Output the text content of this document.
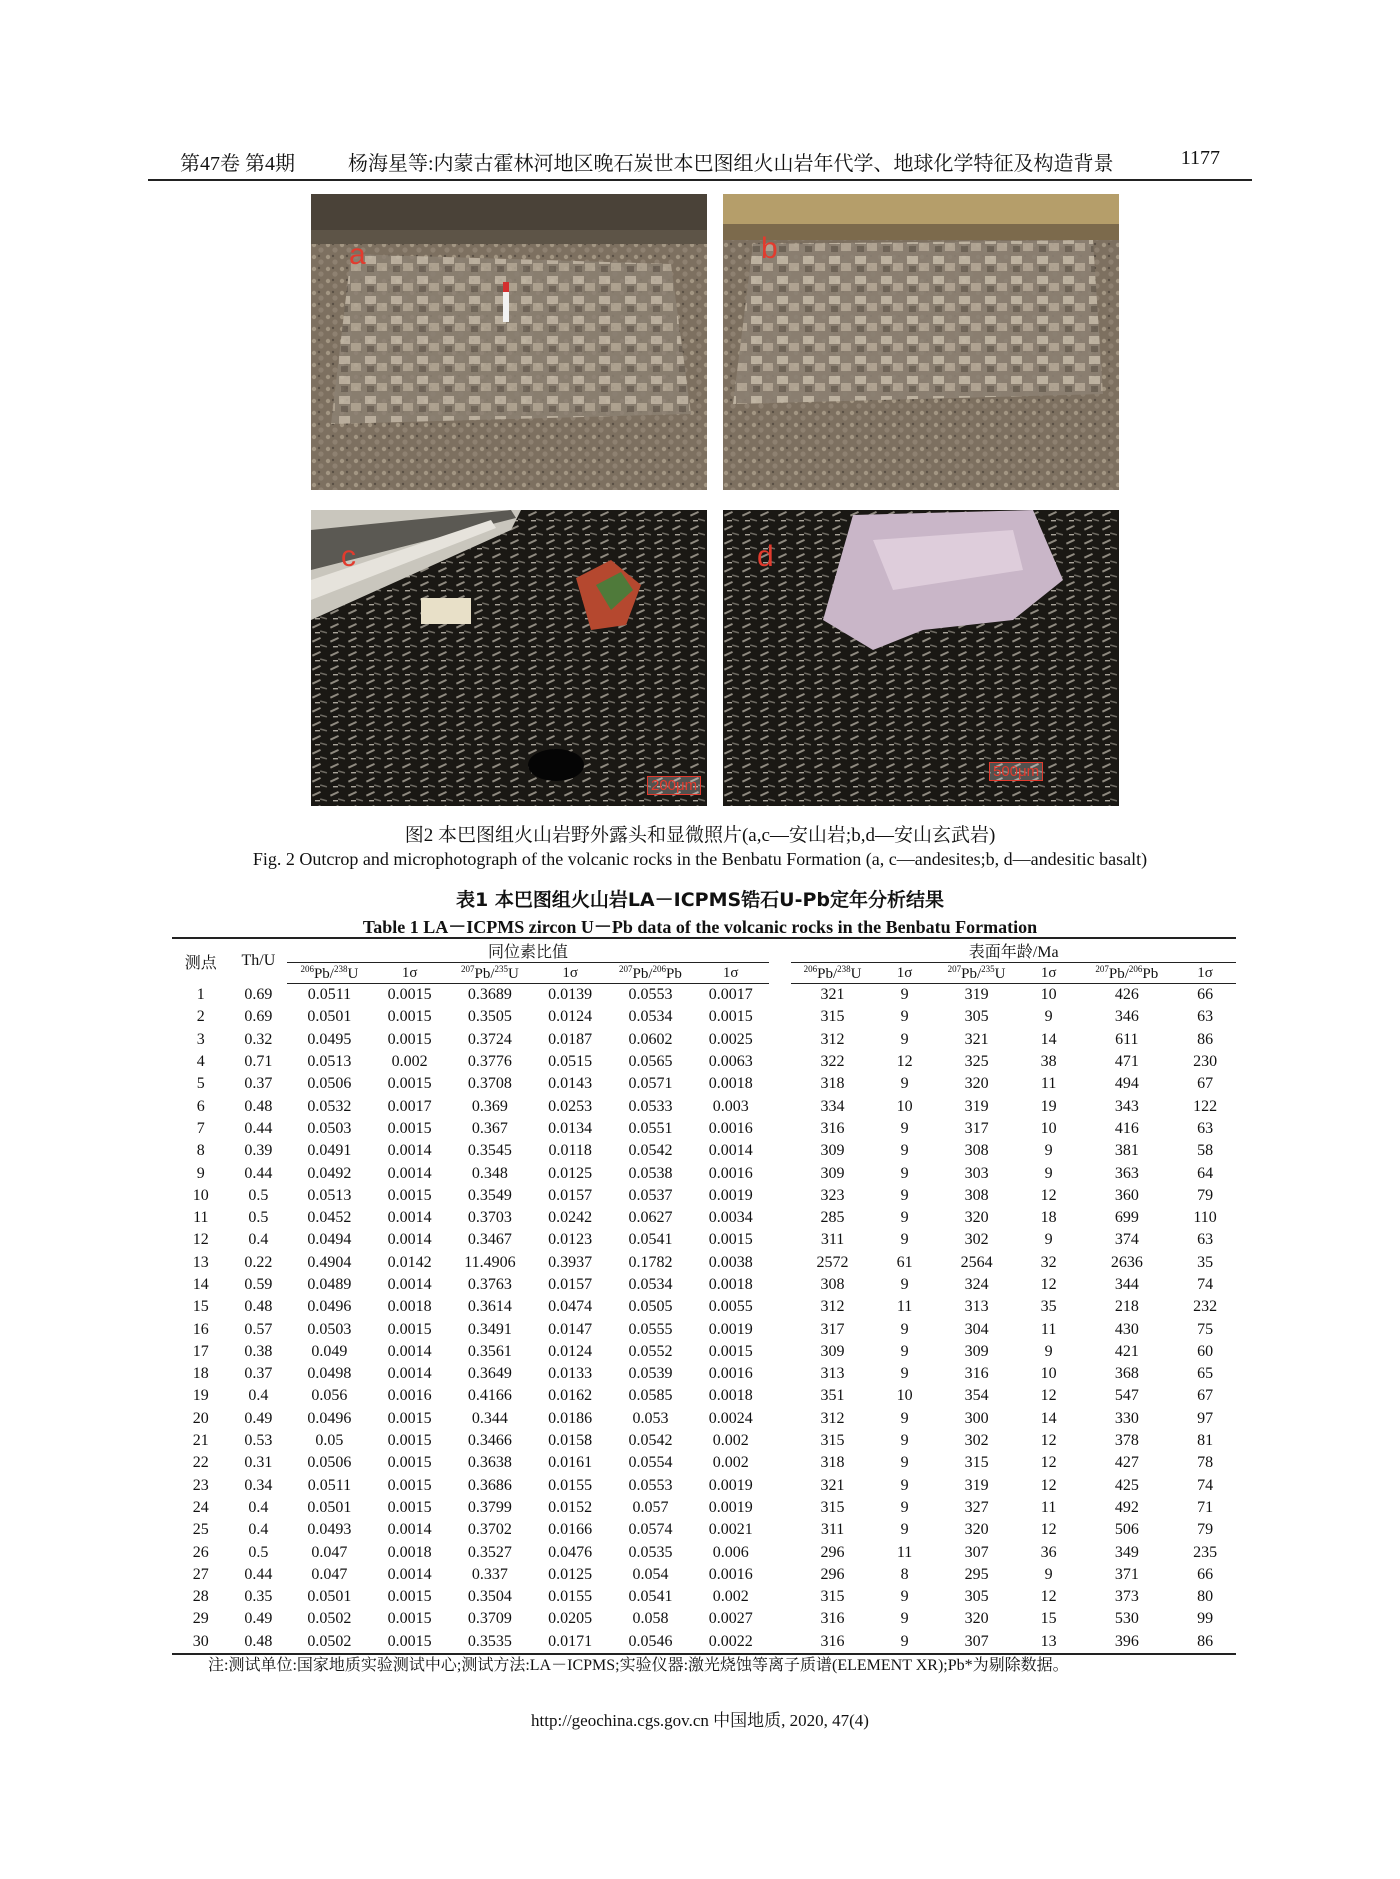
第47卷 第4期	杨海星等:内蒙古霍林河地区晚石炭世本巴图组火山岩年代学、地球化学特征及构造背景	1177
a	b
c
200μm
d
500μm
图2 本巴图组火山岩野外露头和显微照片(a,c—安山岩;b,d—安山玄武岩)
Fig. 2 Outcrop and microphotograph of the volcanic rocks in the Benbatu Formation (a, c—andesites;b, d—andesitic basalt)
表1 本巴图组火山岩LA－ICPMS锆石U-Pb定年分析结果
Table 1 LA－ICPMS zircon U－Pb data of the volcanic rocks in the Benbatu Formation
测点	Th/U	同位素比值							表面年龄/Ma					
		$^{206}$Pb/$^{238}$U	1σ	$^{207}$Pb/$^{235}$U	1σ	$^{207}$Pb/$^{206}$Pb	1σ		$^{206}$Pb/$^{238}$U	1σ	$^{207}$Pb/$^{235}$U	1σ	$^{207}$Pb/$^{206}$Pb	1σ
1	0.69	0.0511	0.0015	0.3689	0.0139	0.0553	0.0017		321	9	319	10	426	66
2	0.69	0.0501	0.0015	0.3505	0.0124	0.0534	0.0015		315	9	305	9	346	63
3	0.32	0.0495	0.0015	0.3724	0.0187	0.0602	0.0025		312	9	321	14	611	86
4	0.71	0.0513	0.002	0.3776	0.0515	0.0565	0.0063		322	12	325	38	471	230
5	0.37	0.0506	0.0015	0.3708	0.0143	0.0571	0.0018		318	9	320	11	494	67
6	0.48	0.0532	0.0017	0.369	0.0253	0.0533	0.003		334	10	319	19	343	122
7	0.44	0.0503	0.0015	0.367	0.0134	0.0551	0.0016		316	9	317	10	416	63
8	0.39	0.0491	0.0014	0.3545	0.0118	0.0542	0.0014		309	9	308	9	381	58
9	0.44	0.0492	0.0014	0.348	0.0125	0.0538	0.0016		309	9	303	9	363	64
10	0.5	0.0513	0.0015	0.3549	0.0157	0.0537	0.0019		323	9	308	12	360	79
11	0.5	0.0452	0.0014	0.3703	0.0242	0.0627	0.0034		285	9	320	18	699	110
12	0.4	0.0494	0.0014	0.3467	0.0123	0.0541	0.0015		311	9	302	9	374	63
13	0.22	0.4904	0.0142	11.4906	0.3937	0.1782	0.0038		2572	61	2564	32	2636	35
14	0.59	0.0489	0.0014	0.3763	0.0157	0.0534	0.0018		308	9	324	12	344	74
15	0.48	0.0496	0.0018	0.3614	0.0474	0.0505	0.0055		312	11	313	35	218	232
16	0.57	0.0503	0.0015	0.3491	0.0147	0.0555	0.0019		317	9	304	11	430	75
17	0.38	0.049	0.0014	0.3561	0.0124	0.0552	0.0015		309	9	309	9	421	60
18	0.37	0.0498	0.0014	0.3649	0.0133	0.0539	0.0016		313	9	316	10	368	65
19	0.4	0.056	0.0016	0.4166	0.0162	0.0585	0.0018		351	10	354	12	547	67
20	0.49	0.0496	0.0015	0.344	0.0186	0.053	0.0024		312	9	300	14	330	97
21	0.53	0.05	0.0015	0.3466	0.0158	0.0542	0.002		315	9	302	12	378	81
22	0.31	0.0506	0.0015	0.3638	0.0161	0.0554	0.002		318	9	315	12	427	78
23	0.34	0.0511	0.0015	0.3686	0.0155	0.0553	0.0019		321	9	319	12	425	74
24	0.4	0.0501	0.0015	0.3799	0.0152	0.057	0.0019		315	9	327	11	492	71
25	0.4	0.0493	0.0014	0.3702	0.0166	0.0574	0.0021		311	9	320	12	506	79
26	0.5	0.047	0.0018	0.3527	0.0476	0.0535	0.006		296	11	307	36	349	235
27	0.44	0.047	0.0014	0.337	0.0125	0.054	0.0016		296	8	295	9	371	66
28	0.35	0.0501	0.0015	0.3504	0.0155	0.0541	0.002		315	9	305	12	373	80
29	0.49	0.0502	0.0015	0.3709	0.0205	0.058	0.0027		316	9	320	15	530	99
30	0.48	0.0502	0.0015	0.3535	0.0171	0.0546	0.0022		316	9	307	13	396	86
注:测试单位:国家地质实验测试中心;测试方法:LA－ICPMS;实验仪器:激光烧蚀等离子质谱(ELEMENT XR);Pb*为剔除数据。
http://geochina.cgs.gov.cn 中国地质, 2020, 47(4)
